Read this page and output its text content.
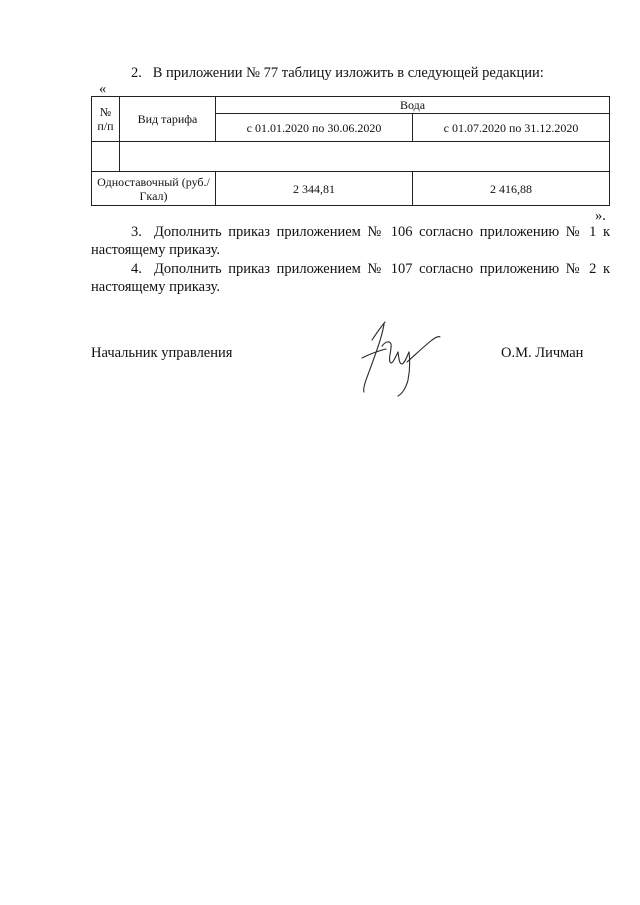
2. В приложении № 77 таблицу изложить в следующей редакции:
«
№ п/п	Вид тарифа	Вода	
		с 01.01.2020 по 30.06.2020	с 01.07.2020 по 31.12.2020

Одноставочный (руб./Гкал)		2 344,81	2 416,88
».
3. Дополнить приказ приложением № 106 согласно приложению № 1 к
настоящему приказу.
4. Дополнить приказ приложением № 107 согласно приложению № 2 к
настоящему приказу.
Начальник управления	О.М. Личман
